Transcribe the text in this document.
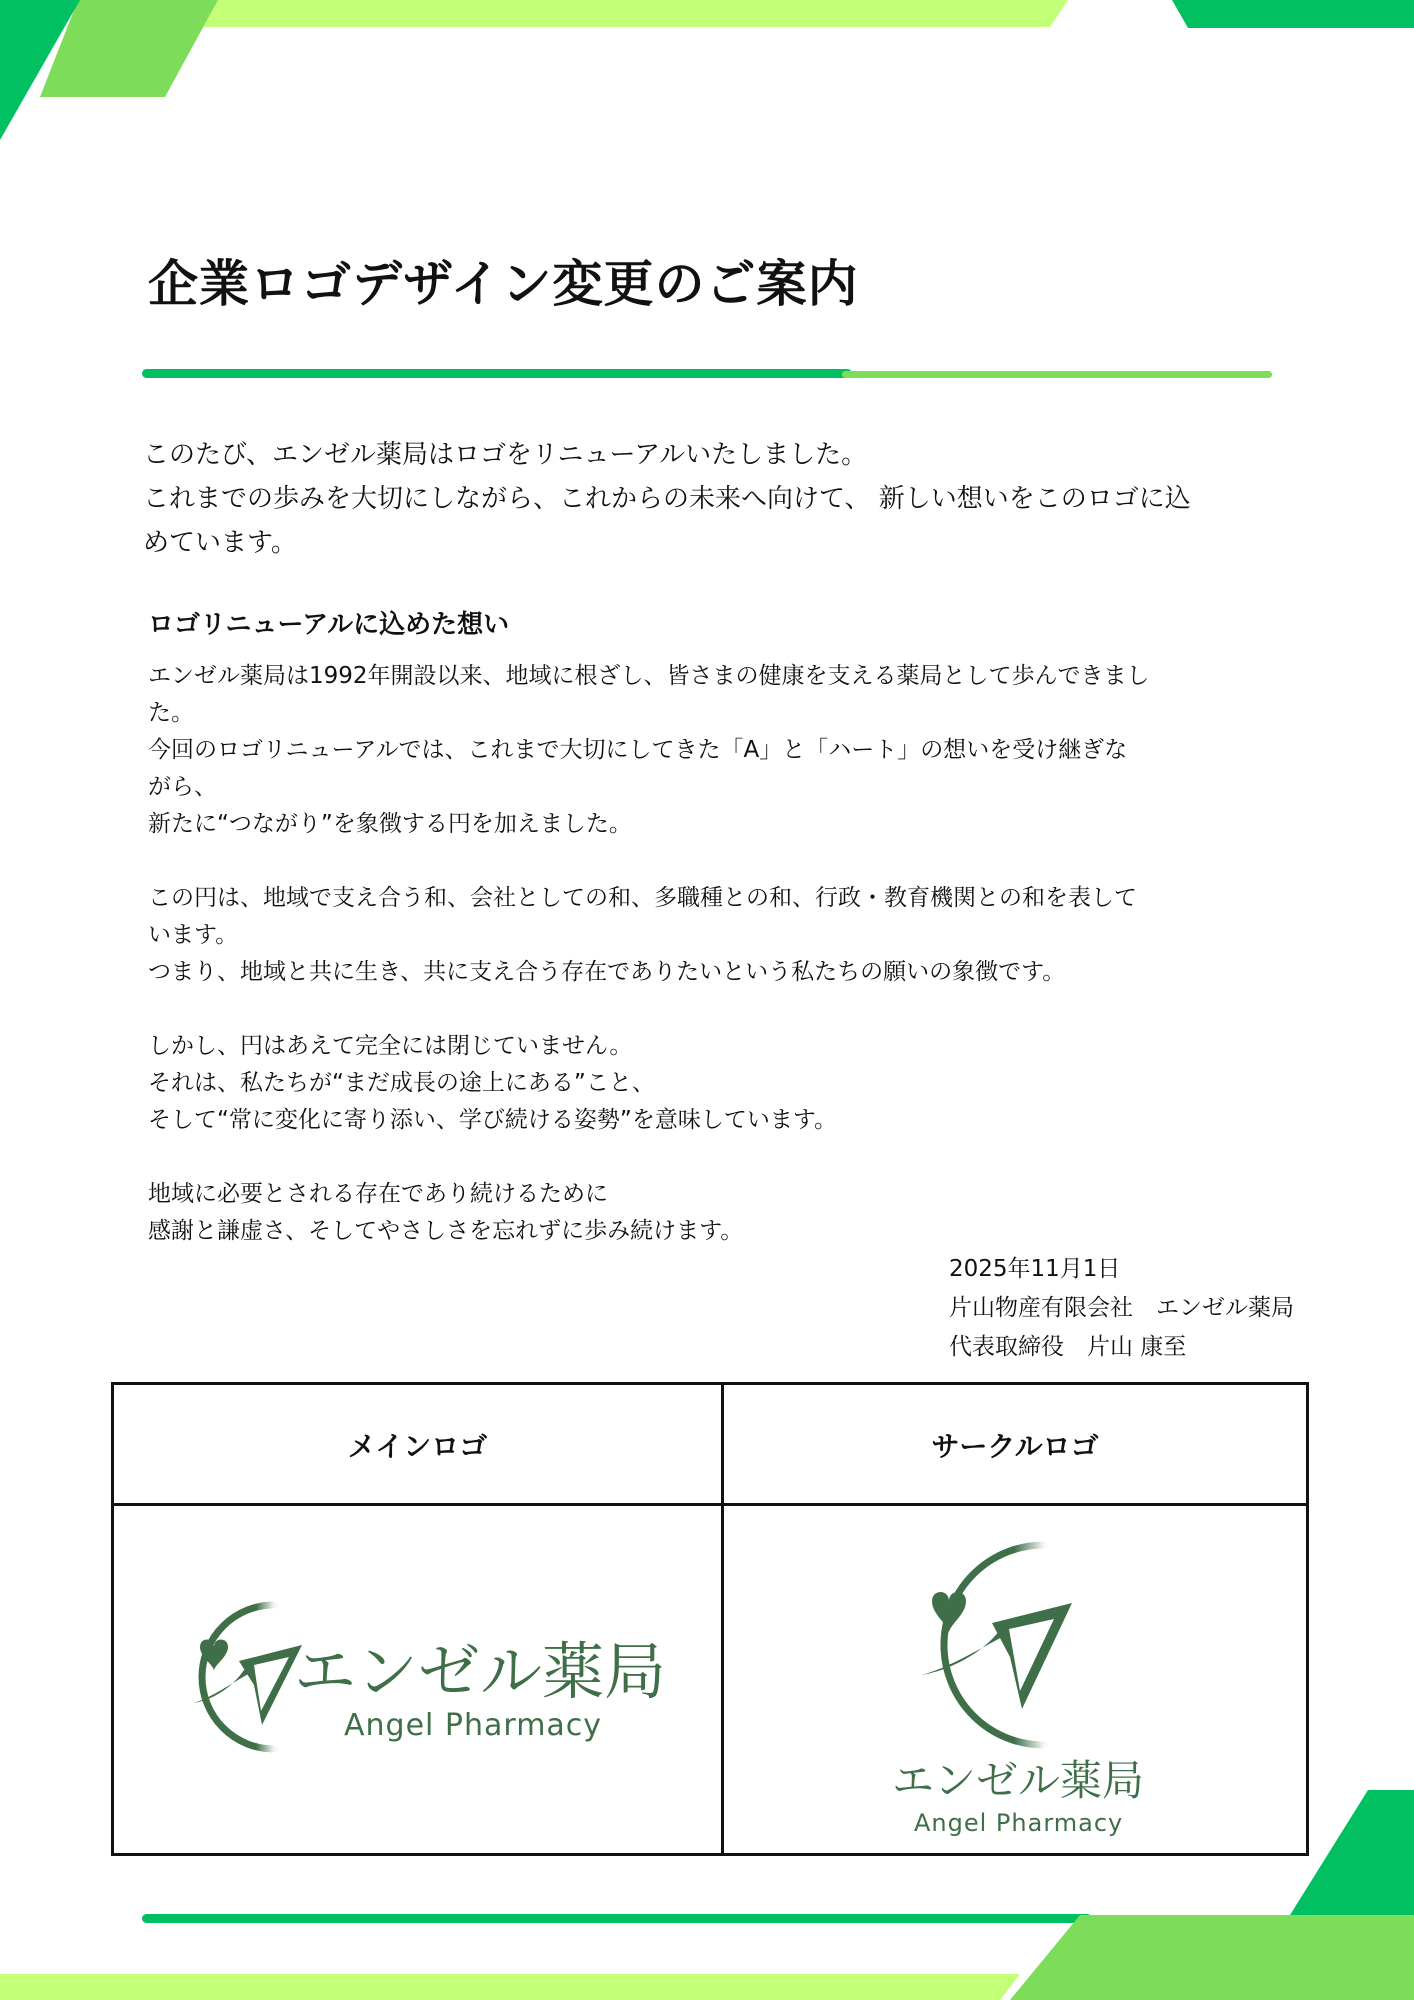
企業ロゴデザイン変更のご案内

このたび、エンゼル薬局はロゴをリニューアルいたしました。

これまでの歩みを大切にしながら、これからの未来へ向けて、 新しい想いをこのロゴに込

めています。

ロゴリニューアルに込めた想い

エンゼル薬局は1992年開設以来、地域に根ざし、皆さまの健康を支える薬局として歩んできまし

た。

今回のロゴリニューアルでは、これまで大切にしてきた「A」と「ハート」の想いを受け継ぎな

がら、

新たに“つながり”を象徴する円を加えました。

この円は、地域で支え合う和、会社としての和、多職種との和、行政・教育機関との和を表して

います。

つまり、地域と共に生き、共に支え合う存在でありたいという私たちの願いの象徴です。

しかし、円はあえて完全には閉じていません。

それは、私たちが“まだ成長の途上にある”こと、

そして“常に変化に寄り添い、学び続ける姿勢”を意味しています。

地域に必要とされる存在であり続けるために

感謝と謙虚さ、そしてやさしさを忘れずに歩み続けます。

2025年11月1日
片山物産有限会社　エンゼル薬局
代表取締役　片山 康至
メインロゴ	サークルロゴ
エンゼル薬局
Angel Pharmacy
エンゼル薬局
Angel Pharmacy
